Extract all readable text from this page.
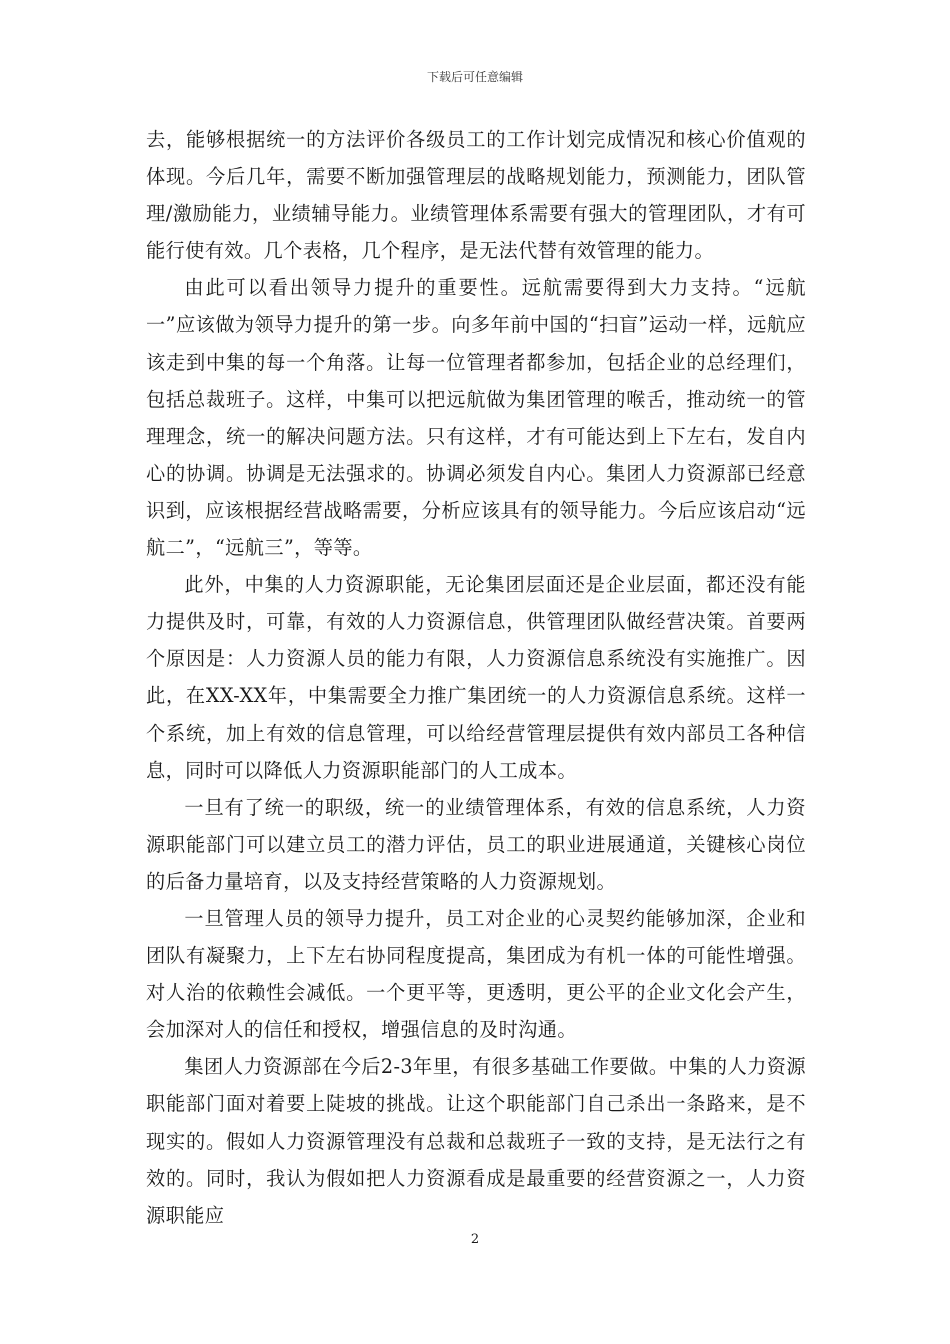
下载后可任意编辑

去，能够根据统一的方法评价各级员工的工作计划完成情况和核心价值观的体现。今后几年，需要不断加强管理层的战略规划能力，预测能力，团队管理/激励能力，业绩辅导能力。业绩管理体系需要有强大的管理团队，才有可能行使有效。几个表格，几个程序，是无法代替有效管理的能力。

由此可以看出领导力提升的重要性。远航需要得到大力支持。“远航一”应该做为领导力提升的第一步。向多年前中国的“扫盲”运动一样，远航应该走到中集的每一个角落。让每一位管理者都参加，包括企业的总经理们，包括总裁班子。这样，中集可以把远航做为集团管理的喉舌，推动统一的管理理念，统一的解决问题方法。只有这样，才有可能达到上下左右，发自内心的协调。协调是无法强求的。协调必须发自内心。集团人力资源部已经意识到，应该根据经营战略需要，分析应该具有的领导能力。今后应该启动“远航二”，“远航三”，等等。

此外，中集的人力资源职能，无论集团层面还是企业层面，都还没有能力提供及时，可靠，有效的人力资源信息，供管理团队做经营决策。首要两个原因是：人力资源人员的能力有限，人力资源信息系统没有实施推广。因此，在XX-XX年，中集需要全力推广集团统一的人力资源信息系统。这样一个系统，加上有效的信息管理，可以给经营管理层提供有效内部员工各种信息，同时可以降低人力资源职能部门的人工成本。

一旦有了统一的职级，统一的业绩管理体系，有效的信息系统，人力资源职能部门可以建立员工的潜力评估，员工的职业进展通道，关键核心岗位的后备力量培育，以及支持经营策略的人力资源规划。

一旦管理人员的领导力提升，员工对企业的心灵契约能够加深，企业和团队有凝聚力，上下左右协同程度提高，集团成为有机一体的可能性增强。对人治的依赖性会减低。一个更平等，更透明，更公平的企业文化会产生，会加深对人的信任和授权，增强信息的及时沟通。

集团人力资源部在今后2-3年里，有很多基础工作要做。中集的人力资源职能部门面对着要上陡坡的挑战。让这个职能部门自己杀出一条路来，是不现实的。假如人力资源管理没有总裁和总裁班子一致的支持，是无法行之有效的。同时，我认为假如把人力资源看成是最重要的经营资源之一，人力资源职能应

2
